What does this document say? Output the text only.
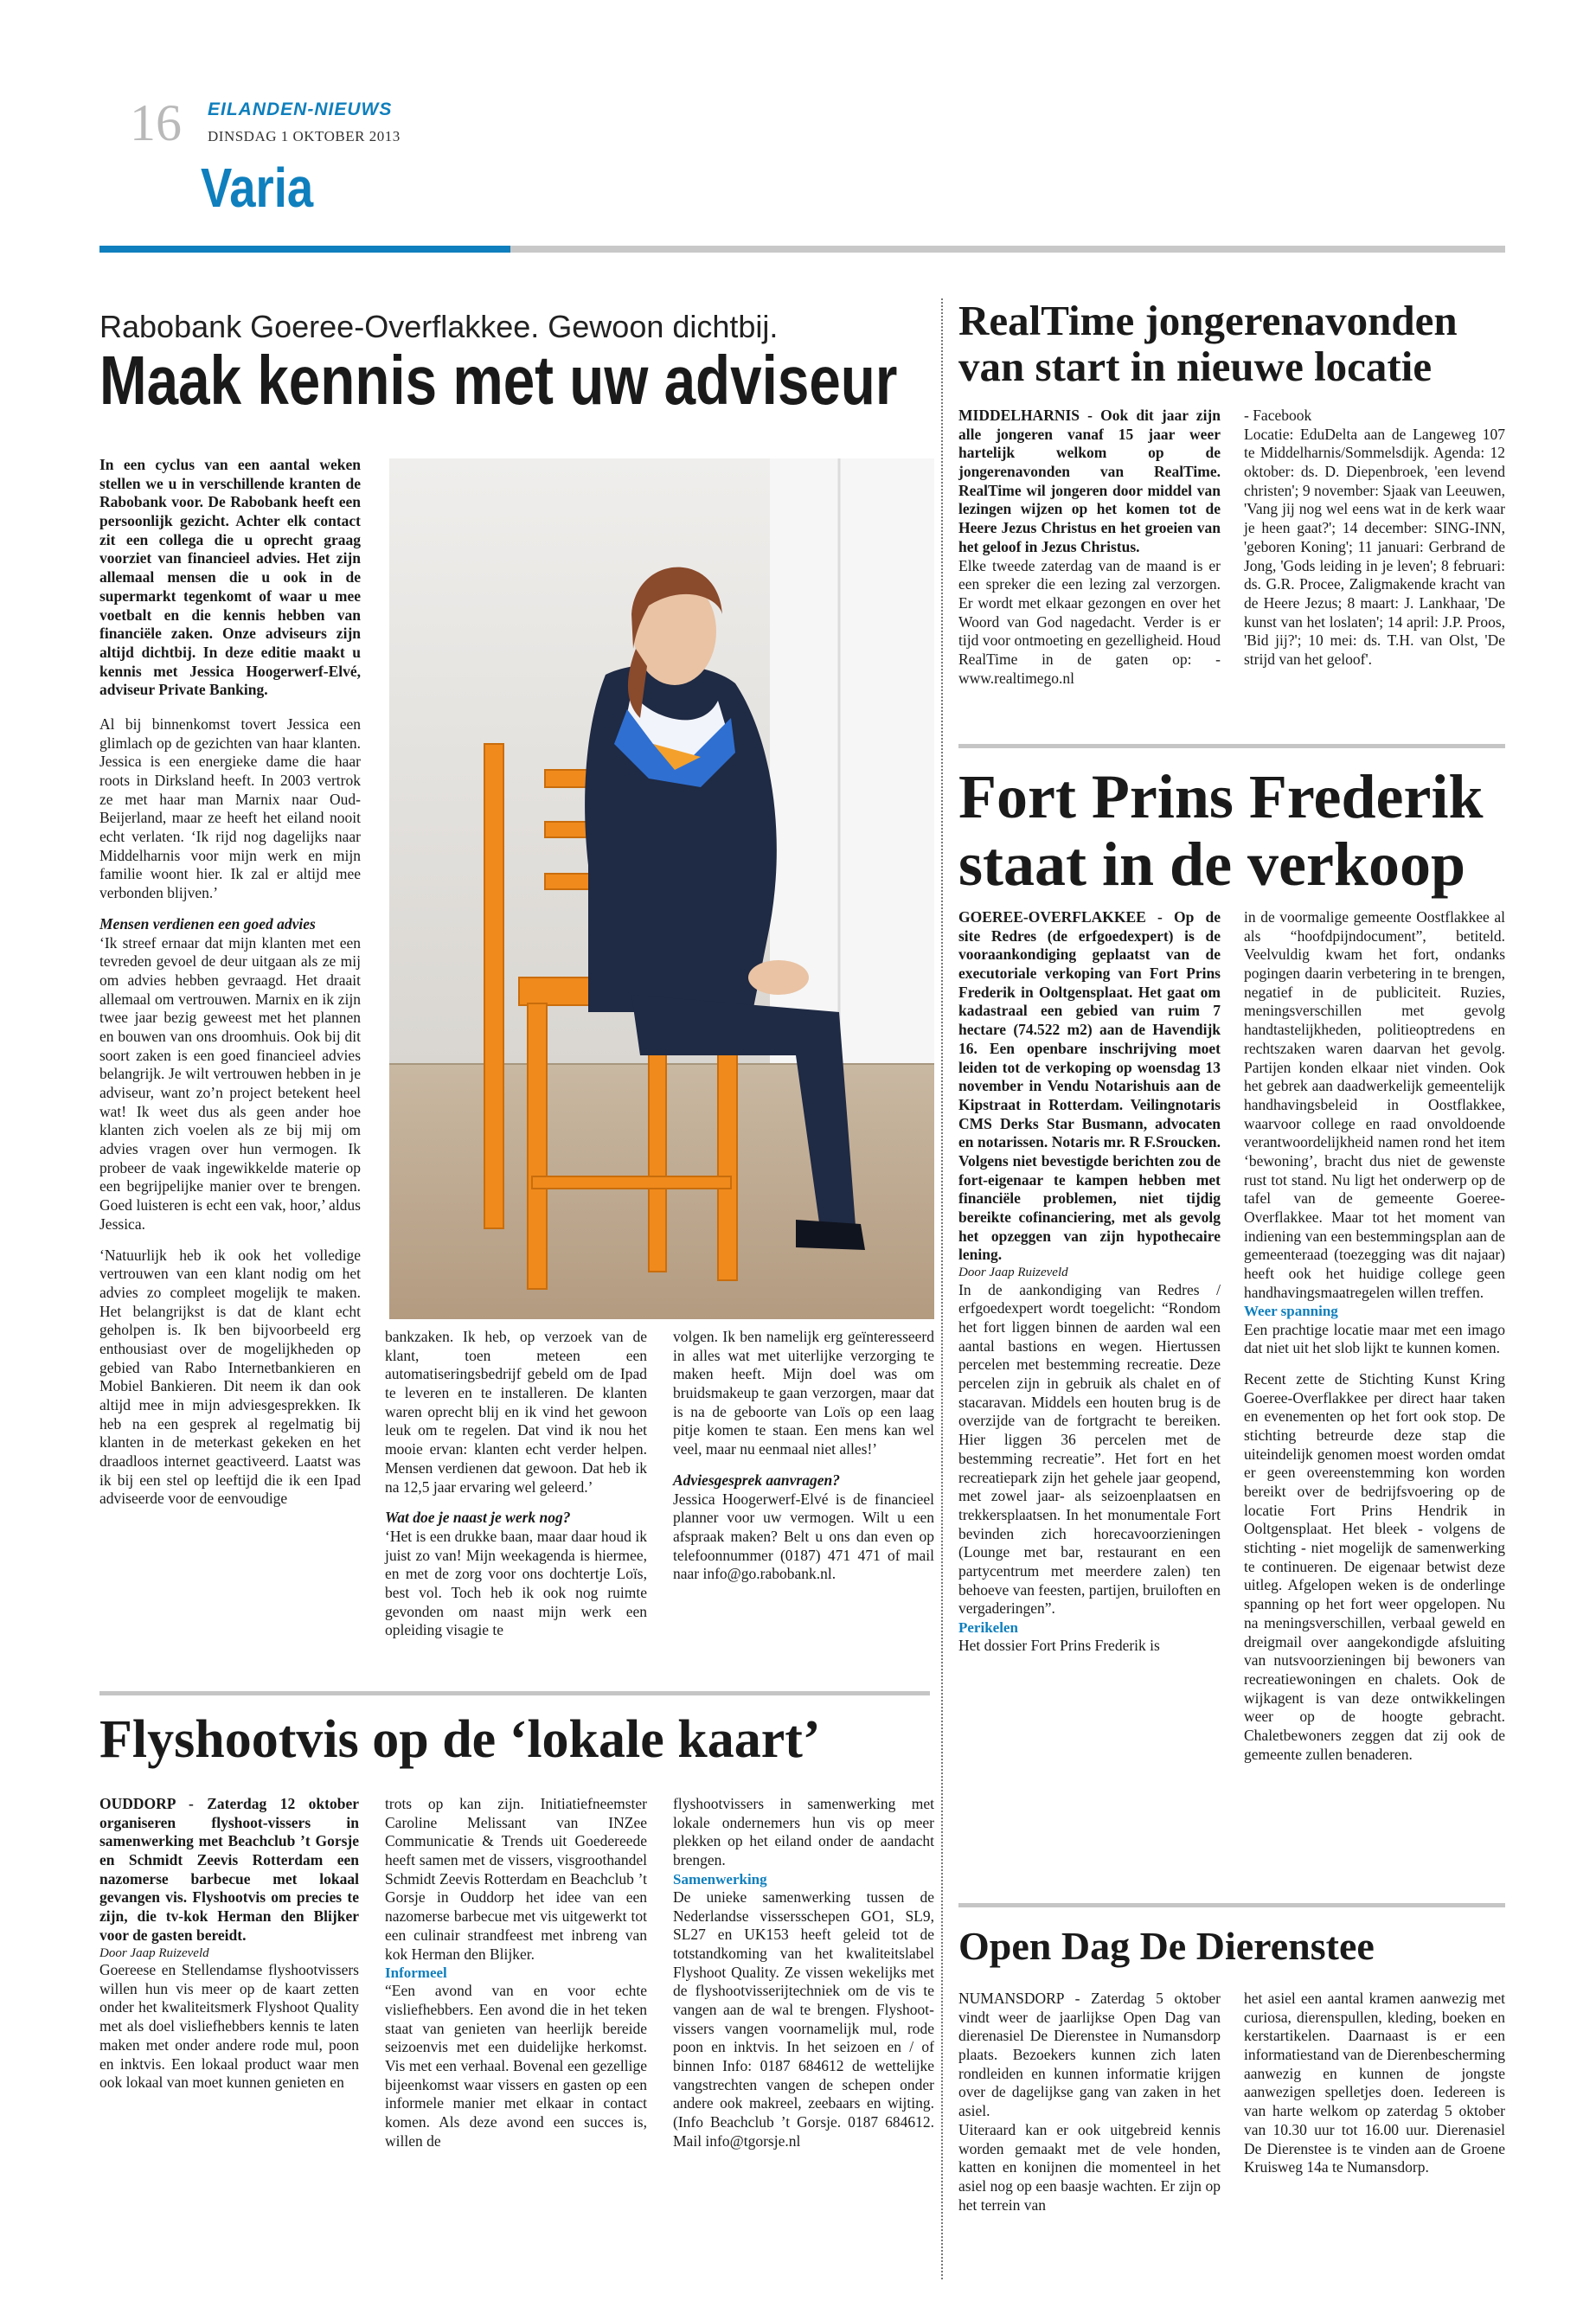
16 EILANDEN-NIEUWS
DINSDAG 1 OKTOBER 2013
Varia
Rabobank Goeree-Overflakkee. Gewoon dichtbij.
Maak kennis met uw adviseur

In een cyclus van een aantal weken stellen we u in verschillende kranten de Rabobank voor. De Rabobank heeft een persoonlijk gezicht. Achter elk contact zit een collega die u oprecht graag voorziet van financieel advies. Het zijn allemaal mensen die u ook in de supermarkt tegenkomt of waar u mee voetbalt en die kennis hebben van financiële zaken. Onze adviseurs zijn altijd dichtbij. In deze editie maakt u kennis met Jessica Hoogerwerf-Elvé, adviseur Private Banking.

Al bij binnenkomst tovert Jessica een glimlach op de gezichten van haar klanten. Jessica is een energieke dame die haar roots in Dirksland heeft. In 2003 vertrok ze met haar man Marnix naar Oud-Beijerland, maar ze heeft het eiland nooit echt verlaten. ‘Ik rijd nog dagelijks naar Middelharnis voor mijn werk en mijn familie woont hier. Ik zal er altijd mee verbonden blijven.’

Mensen verdienen een goed advies

‘Ik streef ernaar dat mijn klanten met een tevreden gevoel de deur uitgaan als ze mij om advies hebben gevraagd. Het draait allemaal om vertrouwen. Marnix en ik zijn twee jaar bezig geweest met het plannen en bouwen van ons droomhuis. Ook bij dit soort zaken is een goed financieel advies belangrijk. Je wilt vertrouwen hebben in je adviseur, want zo’n project betekent heel wat! Ik weet dus als geen ander hoe klanten zich voelen als ze bij mij om advies vragen over hun vermogen. Ik probeer de vaak ingewikkelde materie op een begrijpelijke manier over te brengen. Goed luisteren is echt een vak, hoor,’ aldus Jessica.

‘Natuurlijk heb ik ook het volledige vertrouwen van een klant nodig om het advies zo compleet mogelijk te maken. Het belangrijkst is dat de klant echt geholpen is. Ik ben bijvoorbeeld erg enthousiast over de mogelijkheden op gebied van Rabo Internetbankieren en Mobiel Bankieren. Dit neem ik dan ook altijd mee in mijn adviesgesprekken. Ik heb na een gesprek al regelmatig bij klanten in de meterkast gekeken en het draadloos internet geactiveerd. Laatst was ik bij een stel op leeftijd die ik een Ipad adviseerde voor de eenvoudige

bankzaken. Ik heb, op verzoek van de klant, toen meteen een automatiseringsbedrijf gebeld om de Ipad te leveren en te installeren. De klanten waren oprecht blij en ik vind het gewoon leuk om te regelen. Dat vind ik nou het mooie ervan: klanten echt verder helpen. Mensen verdienen dat gewoon. Dat heb ik na 12,5 jaar ervaring wel geleerd.’

Wat doe je naast je werk nog?

‘Het is een drukke baan, maar daar houd ik juist zo van! Mijn weekagenda is hiermee, en met de zorg voor ons dochtertje Loïs, best vol. Toch heb ik ook nog ruimte gevonden om naast mijn werk een opleiding visagie te

volgen. Ik ben namelijk erg geïnteresseerd in alles wat met uiterlijke verzorging te maken heeft. Mijn doel was om bruidsmakeup te gaan verzorgen, maar dat is na de geboorte van Loïs op een laag pitje komen te staan. Een mens kan wel veel, maar nu eenmaal niet alles!’

Adviesgesprek aanvragen?

Jessica Hoogerwerf-Elvé is de financieel planner voor uw vermogen. Wilt u een afspraak maken? Belt u ons dan even op telefoonnummer (0187) 471 471 of mail naar info@go.rabobank.nl.

Flyshootvis op de ‘lokale kaart’

OUDDORP - Zaterdag 12 oktober organiseren flyshoot-vissers in samenwerking met Beachclub ’t Gorsje en Schmidt Zeevis Rotterdam een nazomerse barbecue met lokaal gevangen vis. Flyshootvis om precies te zijn, die tv-kok Herman den Blijker voor de gasten bereidt.

Door Jaap Ruizeveld

Goereese en Stellendamse flyshootvissers willen hun vis meer op de kaart zetten onder het kwaliteitsmerk Flyshoot Quality met als doel visliefhebbers kennis te laten maken met onder andere rode mul, poon en inktvis. Een lokaal product waar men ook lokaal van moet kunnen genieten en

trots op kan zijn. Initiatiefneemster Caroline Melissant van INZee Communicatie & Trends uit Goedereede heeft samen met de vissers, visgroothandel Schmidt Zeevis Rotterdam en Beachclub ’t Gorsje in Ouddorp het idee van een nazomerse barbecue met vis uitgewerkt tot een culinair strandfeest met inbreng van kok Herman den Blijker.

Informeel

“Een avond van en voor echte visliefhebbers. Een avond die in het teken staat van genieten van heerlijk bereide seizoenvis met een duidelijke herkomst. Vis met een verhaal. Bovenal een gezellige bijeenkomst waar vissers en gasten op een informele manier met elkaar in contact komen. Als deze avond een succes is, willen de

flyshootvissers in samenwerking met lokale ondernemers hun vis op meer plekken op het eiland onder de aandacht brengen.

Samenwerking

De unieke samenwerking tussen de Nederlandse vissersschepen GO1, SL9, SL27 en UK153 heeft geleid tot de totstandkoming van het kwaliteitslabel Flyshoot Quality. Ze vissen wekelijks met de flyshootvisserijtechniek om de vis te vangen aan de wal te brengen. Flyshoot-vissers vangen voornamelijk mul, rode poon en inktvis. In het seizoen en / of binnen Info: 0187 684612 de wettelijke vangstrechten vangen de schepen onder andere ook makreel, zeebaars en wijting. (Info Beachclub ’t Gorsje. 0187 684612. Mail info@tgorsje.nl

RealTime jongerenavonden
van start in nieuwe locatie

MIDDELHARNIS - Ook dit jaar zijn alle jongeren vanaf 15 jaar weer hartelijk welkom op de jongerenavonden van RealTime. RealTime wil jongeren door middel van lezingen wijzen op het komen tot de Heere Jezus Christus en het groeien van het geloof in Jezus Christus.

Elke tweede zaterdag van de maand is er een spreker die een lezing zal verzorgen. Er wordt met elkaar gezongen en over het Woord van God nagedacht. Verder is er tijd voor ontmoeting en gezelligheid. Houd RealTime in de gaten op: - www.realtimego.nl

- Facebook

Locatie: EduDelta aan de Langeweg 107 te Middelharnis/Sommelsdijk. Agenda: 12 oktober: ds. D. Diepenbroek, 'een levend christen'; 9 november: Sjaak van Leeuwen, 'Vang jij nog wel eens wat in de kerk waar je heen gaat?'; 14 december: SING-INN, 'geboren Koning'; 11 januari: Gerbrand de Jong, 'Gods leiding in je leven'; 8 februari: ds. G.R. Procee, Zaligmakende kracht van de Heere Jezus; 8 maart: J. Lankhaar, 'De kunst van het loslaten'; 14 april: J.P. Proos, 'Bid jij?'; 10 mei: ds. T.H. van Olst, 'De strijd van het geloof'.

Fort Prins Frederik
staat in de verkoop

GOEREE-OVERFLAKKEE - Op de site Redres (de erfgoedexpert) is de vooraankondiging geplaatst van de executoriale verkoping van Fort Prins Frederik in Ooltgensplaat. Het gaat om kadastraal een gebied van ruim 7 hectare (74.522 m2) aan de Havendijk 16. Een openbare inschrijving moet leiden tot de verkoping op woensdag 13 november in Vendu Notarishuis aan de Kipstraat in Rotterdam. Veilingnotaris CMS Derks Star Busmann, advocaten en notarissen. Notaris mr. R F.Sroucken. Volgens niet bevestigde berichten zou de fort-eigenaar te kampen hebben met financiële problemen, niet tijdig bereikte cofinanciering, met als gevolg het opzeggen van zijn hypothecaire lening.

Door Jaap Ruizeveld

In de aankondiging van Redres / erfgoedexpert wordt toegelicht: “Rondom het fort liggen binnen de aarden wal een aantal bastions en wegen. Hiertussen percelen met bestemming recreatie. Deze percelen zijn in gebruik als chalet en of stacaravan. Middels een houten brug is de overzijde van de fortgracht te bereiken. Hier liggen 36 percelen met de bestemming recreatie”. Het fort en het recreatiepark zijn het gehele jaar geopend, met zowel jaar- als seizoenplaatsen en trekkersplaatsen. In het monumentale Fort bevinden zich horecavoorzieningen (Lounge met bar, restaurant en een partycentrum met meerdere zalen) ten behoeve van feesten, partijen, bruiloften en vergaderingen”.

Perikelen

Het dossier Fort Prins Frederik is

in de voormalige gemeente Oostflakkee al als “hoofdpijndocument”, betiteld. Veelvuldig kwam het fort, ondanks pogingen daarin verbetering in te brengen, negatief in de publiciteit. Ruzies, meningsverschillen met gevolg handtastelijkheden, politieoptredens en rechtszaken waren daarvan het gevolg. Partijen konden elkaar niet vinden. Ook het gebrek aan daadwerkelijk gemeentelijk handhavingsbeleid in Oostflakkee, waarvoor college en raad onvoldoende verantwoordelijkheid namen rond het item ‘bewoning’, bracht dus niet de gewenste rust tot stand. Nu ligt het onderwerp op de tafel van de gemeente Goeree-Overflakkee. Maar tot het moment van indiening van een bestemmingsplan aan de gemeenteraad (toezegging was dit najaar) heeft ook het huidige college geen handhavingsmaatregelen willen treffen.

Weer spanning

Een prachtige locatie maar met een imago dat niet uit het slob lijkt te kunnen komen.

Recent zette de Stichting Kunst Kring Goeree-Overflakkee per direct haar taken en evenementen op het fort ook stop. De stichting betreurde deze stap die uiteindelijk genomen moest worden omdat er geen overeenstemming kon worden bereikt over de bedrijfsvoering op de locatie Fort Prins Hendrik in Ooltgensplaat. Het bleek - volgens de stichting - niet mogelijk de samenwerking te continueren. De eigenaar betwist deze uitleg. Afgelopen weken is de onderlinge spanning op het fort weer opgelopen. Nu na meningsverschillen, verbaal geweld en dreigmail over aangekondigde afsluiting van nutsvoorzieningen bij bewoners van recreatiewoningen en chalets. Ook de wijkagent is van deze ontwikkelingen weer op de hoogte gebracht. Chaletbewoners zeggen dat zij ook de gemeente zullen benaderen.

Open Dag De Dierenstee

NUMANSDORP - Zaterdag 5 oktober vindt weer de jaarlijkse Open Dag van dierenasiel De Dierenstee in Numansdorp plaats. Bezoekers kunnen zich laten rondleiden en kunnen informatie krijgen over de dagelijkse gang van zaken in het asiel.

Uiteraard kan er ook uitgebreid kennis worden gemaakt met de vele honden, katten en konijnen die momenteel in het asiel nog op een baasje wachten. Er zijn op het terrein van

het asiel een aantal kramen aanwezig met curiosa, dierenspullen, kleding, boeken en kerstartikelen. Daarnaast is er een informatiestand van de Dierenbescherming aanwezig en kunnen de jongste aanwezigen spelletjes doen. Iedereen is van harte welkom op zaterdag 5 oktober van 10.30 uur tot 16.00 uur. Dierenasiel De Dierenstee is te vinden aan de Groene Kruisweg 14a te Numansdorp.
